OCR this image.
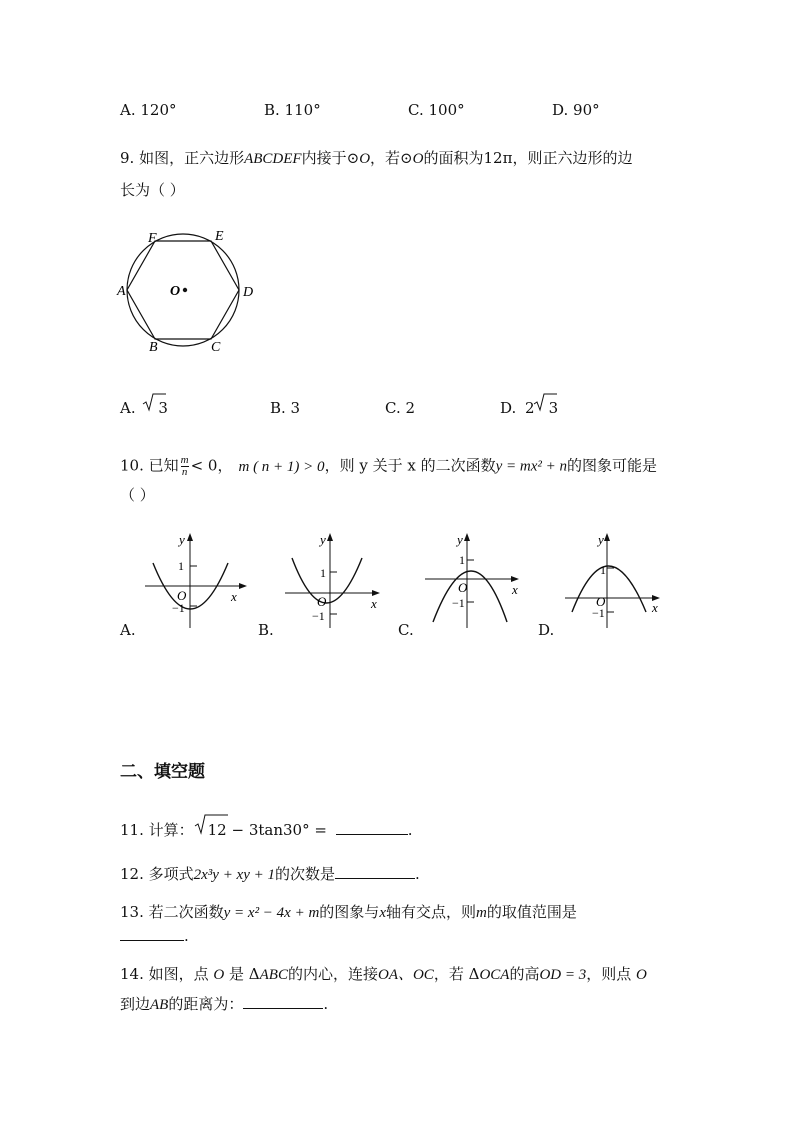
A. 120°	B. 110°	C. 100°	D. 90°
9. 如图，正六边形ABCDEF内接于⊙O，若⊙O的面积为12π，则正六边形的边
长为（ ）
F	E
A	D
O
B	C
A. 3	B. 3	C. 2	D. 2 3
10. 已知 $\frac{m}{n} < 0$， m ( n + 1) > 0，则 y 关于 x 的二次函数y = mx² + n的图象可能是
（ ）
A.
y
x
O
1
−1
B.
y
x
O
1
−1
C.
y
x
O
1
−1
D.
y
x
O
1
−1
二、填空题
11. 计算： 12 − 3tan30° =	.
12. 多项式2x³y + xy + 1的次数是	.
13. 若二次函数y = x² − 4x + m的图象与x轴有交点，则m的取值范围是
.
14. 如图，点 O 是 ΔABC的内心，连接OA、OC，若 ΔOCA的高OD = 3，则点 O
到边AB的距离为：	.
